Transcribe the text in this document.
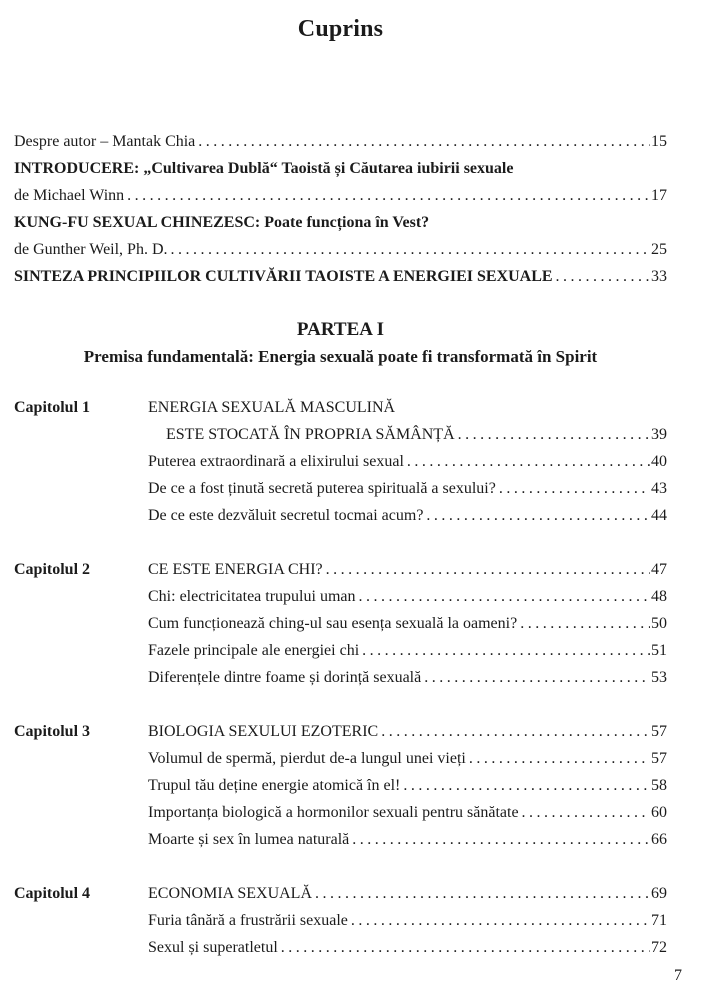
Cuprins
Despre autor – Mantak Chia .....	15
INTRODUCERE: „Cultivarea Dublă“ Taoistă și Căutarea iubirii sexuale
de Michael Winn .....	17
KUNG-FU SEXUAL CHINEZESC: Poate funcționa în Vest?
de Gunther Weil, Ph. D. .....	25
SINTEZA PRINCIPIILOR CULTIVĂRII TAOISTE A ENERGIEI SEXUALE .....	33
PARTEA I
Premisa fundamentală: Energia sexuală poate fi transformată în Spirit
Capitolul 1	ENERGIA SEXUALĂ MASCULINĂ
ESTE STOCATĂ ÎN PROPRIA SĂMÂNȚĂ .....	39
Puterea extraordinară a elixirului sexual .....	40
De ce a fost ținută secretă puterea spirituală a sexului? .....	43
De ce este dezvăluit secretul tocmai acum? .....	44
Capitolul 2	CE ESTE ENERGIA CHI? .....	47
Chi: electricitatea trupului uman .....	48
Cum funcționează ching-ul sau esența sexuală la oameni? .....	50
Fazele principale ale energiei chi .....	51
Diferențele dintre foame și dorință sexuală .....	53
Capitolul 3	BIOLOGIA SEXULUI EZOTERIC .....	57
Volumul de spermă, pierdut de-a lungul unei vieți .....	57
Trupul tău deține energie atomică în el! .....	58
Importanța biologică a hormonilor sexuali pentru sănătate .....	60
Moarte și sex în lumea naturală .....	66
Capitolul 4	ECONOMIA SEXUALĂ .....	69
Furia tânără a frustrării sexuale .....	71
Sexul și superatletul .....	72
7
